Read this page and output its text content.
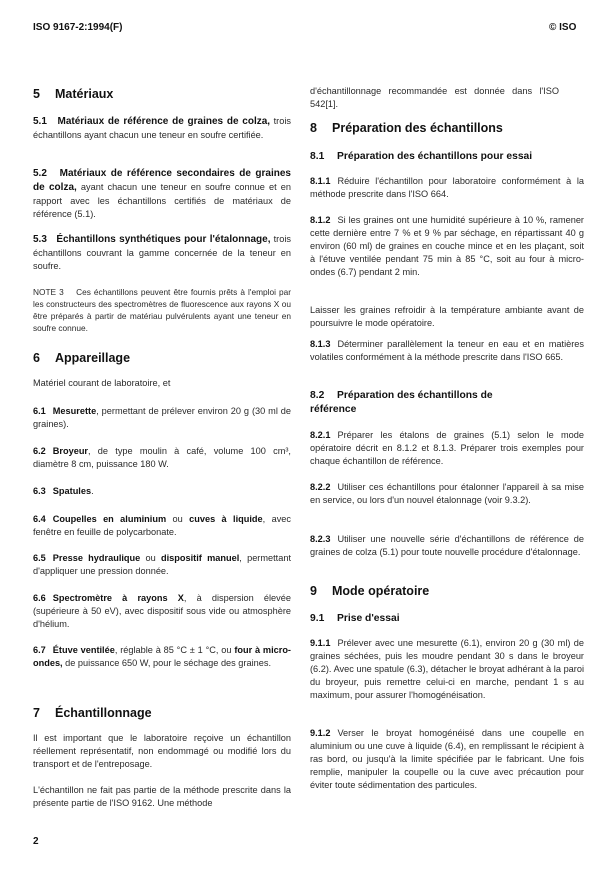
ISO 9167-2:1994(F)	© ISO
5 Matériaux
5.1 Matériaux de référence de graines de colza, trois échantillons ayant chacun une teneur en soufre certifiée.
5.2 Matériaux de référence secondaires de graines de colza, ayant chacun une teneur en soufre connue et en rapport avec les échantillons certifiés de matériaux de référence (5.1).
5.3 Échantillons synthétiques pour l'étalonnage, trois échantillons couvrant la gamme concernée de la teneur en soufre.
NOTE 3 Ces échantillons peuvent être fournis prêts à l'emploi par les constructeurs des spectromètres de fluorescence aux rayons X ou être préparés à partir de matériau pulvérulents ayant une teneur en soufre connue.
6 Appareillage
Matériel courant de laboratoire, et
6.1 Mesurette, permettant de prélever environ 20 g (30 ml de graines).
6.2 Broyeur, de type moulin à café, volume 100 cm³, diamètre 8 cm, puissance 180 W.
6.3 Spatules.
6.4 Coupelles en aluminium ou cuves à liquide, avec fenêtre en feuille de polycarbonate.
6.5 Presse hydraulique ou dispositif manuel, permettant d'appliquer une pression donnée.
6.6 Spectromètre à rayons X, à dispersion élevée (supérieure à 50 eV), avec dispositif sous vide ou atmosphère d'hélium.
6.7 Étuve ventilée, réglable à 85 °C ± 1 °C, ou four à micro-ondes, de puissance 650 W, pour le séchage des graines.
7 Échantillonnage
Il est important que le laboratoire reçoive un échantillon réellement représentatif, non endommagé ou modifié lors du transport et de l'entreposage.
L'échantillon ne fait pas partie de la méthode prescrite dans la présente partie de l'ISO 9162. Une méthode
2
d'échantillonnage recommandée est donnée dans l'ISO 542[1].
8 Préparation des échantillons
8.1 Préparation des échantillons pour essai
8.1.1 Réduire l'échantillon pour laboratoire conformément à la méthode prescrite dans l'ISO 664.
8.1.2 Si les graines ont une humidité supérieure à 10 %, ramener cette dernière entre 7 % et 9 % par séchage, en répartissant 40 g environ (60 ml) de graines en couche mince et en les plaçant, soit à l'étuve ventilée pendant 75 min à 85 °C, soit au four à micro-ondes (6.7) pendant 2 min.
Laisser les graines refroidir à la température ambiante avant de poursuivre le mode opératoire.
8.1.3 Déterminer parallèlement la teneur en eau et en matières volatiles conformément à la méthode prescrite dans l'ISO 665.
8.2 Préparation des échantillons de référence
8.2.1 Préparer les étalons de graines (5.1) selon le mode opératoire décrit en 8.1.2 et 8.1.3. Préparer trois exemples pour chaque échantillon de référence.
8.2.2 Utiliser ces échantillons pour étalonner l'appareil à sa mise en service, ou lors d'un nouvel étalonnage (voir 9.3.2).
8.2.3 Utiliser une nouvelle série d'échantillons de référence de graines de colza (5.1) pour toute nouvelle procédure d'étalonnage.
9 Mode opératoire
9.1 Prise d'essai
9.1.1 Prélever avec une mesurette (6.1), environ 20 g (30 ml) de graines séchées, puis les moudre pendant 30 s dans le broyeur (6.2). Avec une spatule (6.3), détacher le broyat adhérant à la paroi du broyeur, puis remettre celui-ci en marche, pendant 1 s au maximum, pour assurer l'homogénéisation.
9.1.2 Verser le broyat homogénéisé dans une coupelle en aluminium ou une cuve à liquide (6.4), en remplissant le récipient à ras bord, ou jusqu'à la limite spécifiée par le fabricant. Une fois remplie, manipuler la coupelle ou la cuve avec précaution pour éviter toute sédimentation des particules.
